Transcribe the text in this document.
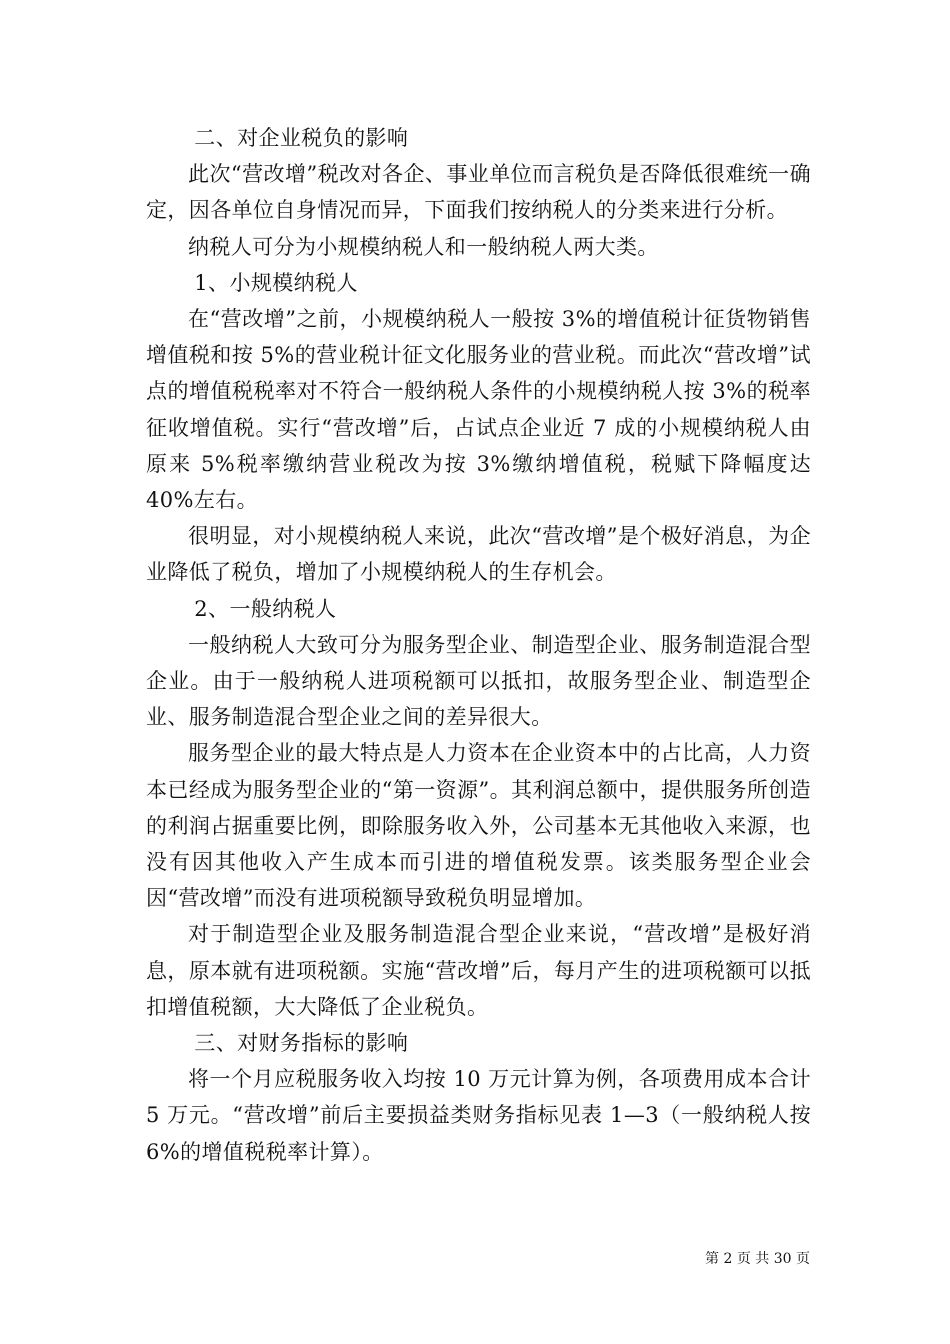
二、对企业税负的影响

此次“营改增”税改对各企、事业单位而言税负是否降低很难统一确定，因各单位自身情况而异，下面我们按纳税人的分类来进行分析。

纳税人可分为小规模纳税人和一般纳税人两大类。

1、小规模纳税人

在“营改增”之前，小规模纳税人一般按 3%的增值税计征货物销售增值税和按 5%的营业税计征文化服务业的营业税。而此次“营改增”试点的增值税税率对不符合一般纳税人条件的小规模纳税人按 3%的税率征收增值税。实行“营改增”后，占试点企业近 7 成的小规模纳税人由原来 5%税率缴纳营业税改为按 3%缴纳增值税，税赋下降幅度达 40%左右。

很明显，对小规模纳税人来说，此次“营改增”是个极好消息，为企业降低了税负，增加了小规模纳税人的生存机会。

2、一般纳税人

一般纳税人大致可分为服务型企业、制造型企业、服务制造混合型企业。由于一般纳税人进项税额可以抵扣，故服务型企业、制造型企业、服务制造混合型企业之间的差异很大。

服务型企业的最大特点是人力资本在企业资本中的占比高，人力资本已经成为服务型企业的“第一资源”。其利润总额中，提供服务所创造的利润占据重要比例，即除服务收入外，公司基本无其他收入来源，也没有因其他收入产生成本而引进的增值税发票。该类服务型企业会因“营改增”而没有进项税额导致税负明显增加。

对于制造型企业及服务制造混合型企业来说，“营改增”是极好消息，原本就有进项税额。实施“营改增”后，每月产生的进项税额可以抵扣增值税额，大大降低了企业税负。

三、对财务指标的影响

将一个月应税服务收入均按 10 万元计算为例，各项费用成本合计 5 万元。“营改增”前后主要损益类财务指标见表 1—3（一般纳税人按 6%的增值税税率计算）。

第 2 页 共 30 页
